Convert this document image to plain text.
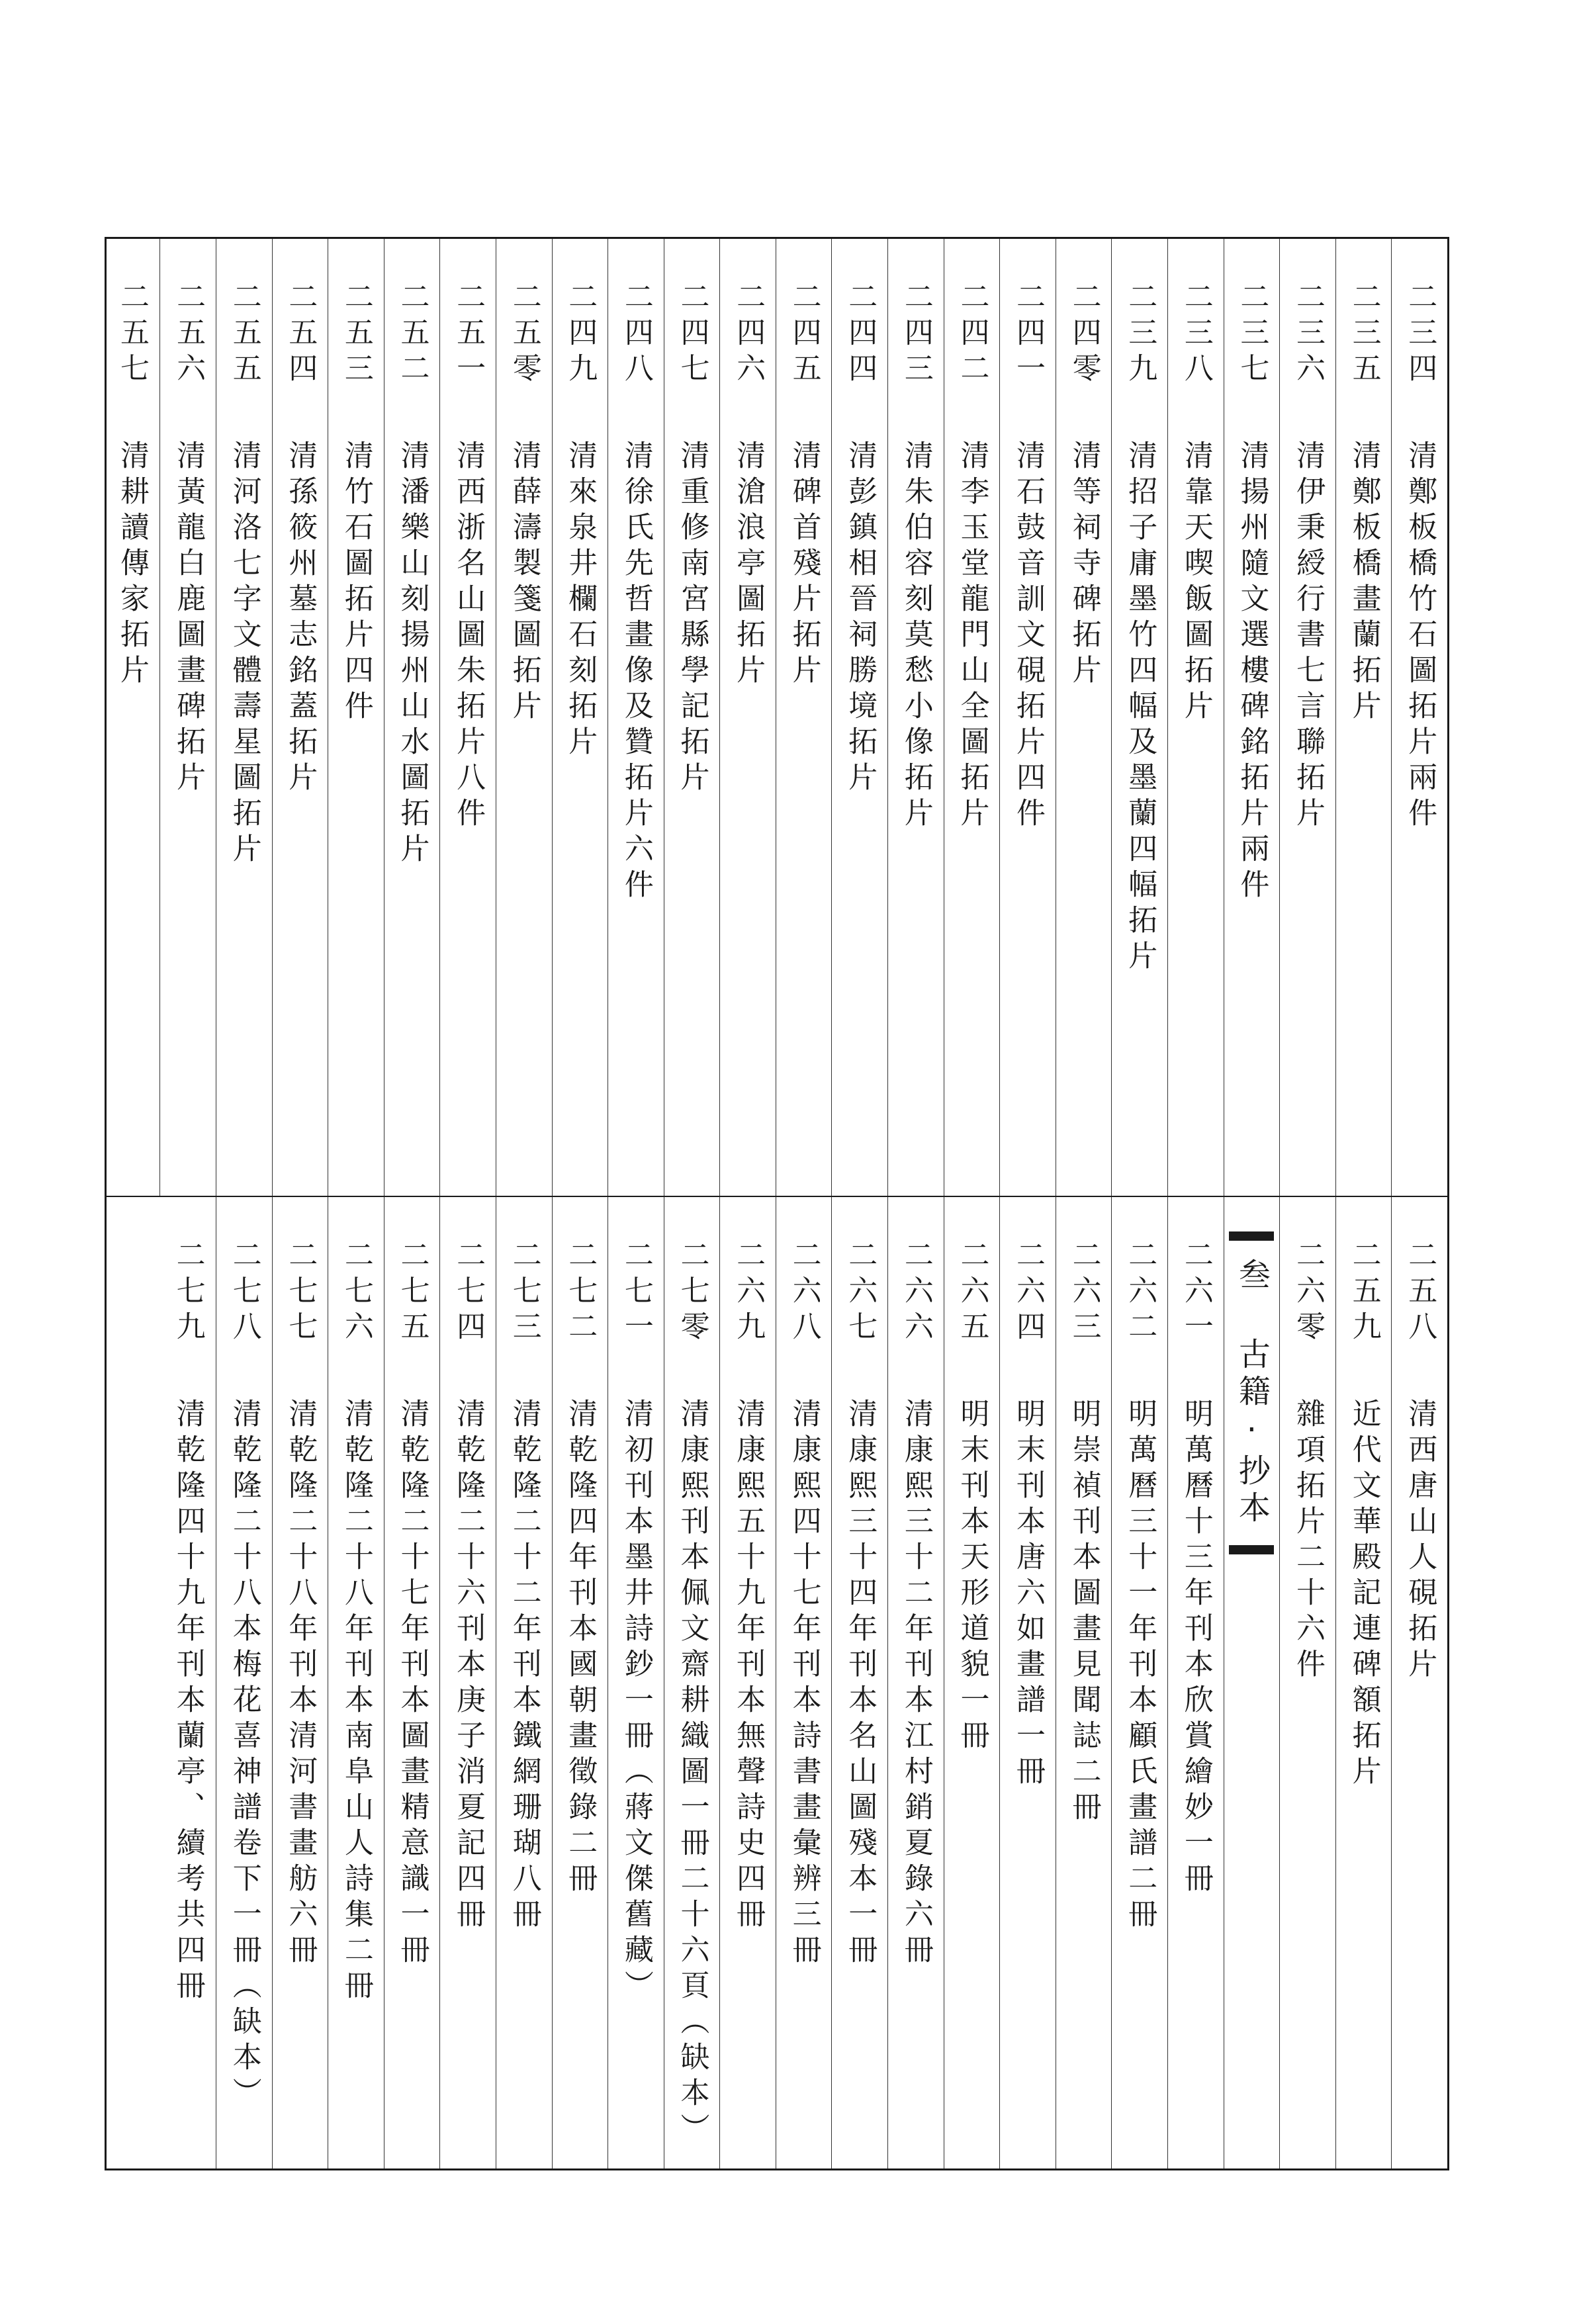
二三四
清鄭板橋竹石圖拓片兩件
二三五
清鄭板橋畫蘭拓片
二三六
清伊秉綬行書七言聯拓片
二三七
清揚州隨文選樓碑銘拓片兩件
二三八
清靠天喫飯圖拓片
二三九
清招子庸墨竹四幅及墨蘭四幅拓片
二四零
清等祠寺碑拓片
二四一
清石鼓音訓文硯拓片四件
二四二
清李玉堂龍門山全圖拓片
二四三
清朱伯容刻莫愁小像拓片
二四四
清彭鎮相晉祠勝境拓片
二四五
清碑首殘片拓片
二四六
清滄浪亭圖拓片
二四七
清重修南宮縣學記拓片
二四八
清徐氏先哲畫像及贊拓片六件
二四九
清來泉井欄石刻拓片
二五零
清薛濤製箋圖拓片
二五一
清西浙名山圖朱拓片八件
二五二
清潘樂山刻揚州山水圖拓片
二五三
清竹石圖拓片四件
二五四
清孫筱州墓志銘蓋拓片
二五五
清河洛七字文體壽星圖拓片
二五六
清黃龍白鹿圖畫碑拓片
二五七
清耕讀傳家拓片
二五八
清西唐山人硯拓片
二五九
近代文華殿記連碑額拓片
二六零
雜項拓片二十六件
叁 古籍·抄本
二六一
明萬曆十三年刊本欣賞繪妙一冊
二六二
明萬曆三十一年刊本顧氏畫譜二冊
二六三
明崇禎刊本圖畫見聞誌二冊
二六四
明末刊本唐六如畫譜一冊
二六五
明末刊本天形道貌一冊
二六六
清康熙三十二年刊本江村銷夏錄六冊
二六七
清康熙三十四年刊本名山圖殘本一冊
二六八
清康熙四十七年刊本詩書畫彙辨三冊
二六九
清康熙五十九年刊本無聲詩史四冊
二七零
清康熙刊本佩文齋耕織圖一冊二十六頁（缺本）
二七一
清初刊本墨井詩鈔一冊（蔣文傑舊藏）
二七二
清乾隆四年刊本國朝畫徵錄二冊
二七三
清乾隆二十二年刊本鐵網珊瑚八冊
二七四
清乾隆二十六刊本庚子消夏記四冊
二七五
清乾隆二十七年刊本圖畫精意識一冊
二七六
清乾隆二十八年刊本南阜山人詩集二冊
二七七
清乾隆二十八年刊本清河書畫舫六冊
二七八
清乾隆二十八本梅花喜神譜卷下一冊（缺本）
二七九
清乾隆四十九年刊本蘭亭、續考共四冊
